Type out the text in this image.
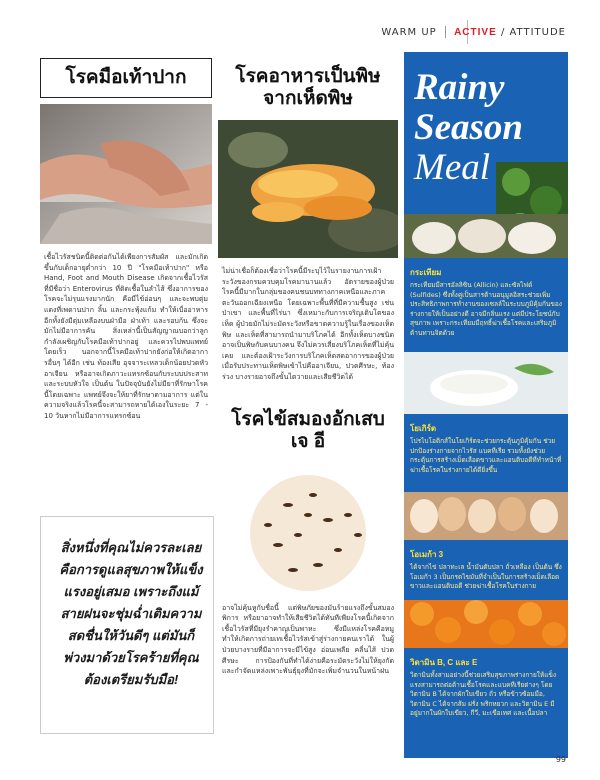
WARM UP ACTIVE / ATTITUDE
โรคมือเท้าปาก
เชื้อไวรัสชนิดนี้ติดต่อกันได้เพียงการสัมผัส และมักเกิดขึ้นกับเด็กอายุต่ำกว่า 10 ปี "โรคมือเท้าปาก" หรือ Hand, Foot and Mouth Disease เกิดจากเชื้อไวรัสที่มีชื่อว่า Enterovirus ที่ติดเชื้อในลำไส้ ซึ่งอาการของโรคจะไม่รุนแรงมากนัก คือมีไข้อ่อนๆ และจะพบตุ่มแดงที่เพดานปาก ลิ้น และกระพุ้งแก้ม ทำให้เบื่ออาหาร อีกทั้งยังมีตุ่มเหลืองบนฝ่ามือ ฝ่าเท้า และรอบก้น ซึ่งจะมักไม่มีอาการคัน สิ่งเหล่านี้เป็นสัญญาณบอกว่าลูกกำลังเผชิญกับโรคมือเท้าปากอยู่ และควรไปพบแพทย์โดยเร็ว นอกจากนี้โรคมือเท้าปากยังก่อให้เกิดอาการอื่นๆ ได้อีก เช่น ท้องเสีย อุจจาระเหลวเด็กน้อยปวดหัว อาเจียน หรืออาจเกิดภาวะแทรกซ้อนกับระบบประสาทและระบบหัวใจ เป็นต้น ในปัจจุบันยังไม่มียาที่รักษาโรคนี้โดยเฉพาะ แพทย์จึงจะให้ยาที่รักษาตามอาการ แต่ในความจริงแล้วโรคนี้จะสามารถหายได้เองในระยะ 7 - 10 วันหากไม่มีอาการแทรกซ้อน
สิ่งหนึ่งที่คุณไม่ควรละเลยคือการดูแลสุขภาพให้แข็งแรงอยู่เสมอ เพราะถึงแม้สายฝนจะชุ่มฉ่ำเติมความสดชื่นให้วันดีๆ แต่มันก็พ่วงมาด้วยโรคร้ายที่คุณต้องเตรียมรับมือ!
โรคอาหารเป็นพิษ จากเห็ดพิษ
ไม่น่าเชื่อก็ต้องเชื่อว่าโรคนี้มีระบุไว้ในรายงานการเฝ้าระวังของกรมควบคุมโรคมานานแล้ว อัตรายของผู้ป่วยโรคนี้มีมากในกลุ่มของคนชนบททางภาคเหนือและภาคตะวันออกเฉียงเหนือ โดยเฉพาะพื้นที่ที่มีความชื้นสูง เช่นป่าเขา และพื้นที่ไร่นา ซึ่งเหมาะกับการเจริญเติบโตของเห็ด ผู้ป่วยมักไม่ระมัดระวังหรือขาดความรู้ในเรื่องของเห็ดพิษ และเห็ดที่สามารถนำมาบริโภคได้ อีกทั้งเห็ดบางชนิดอาจเป็นพิษกับคนบางคน จึงไม่ควรเสี่ยงบริโภคเห็ดที่ไม่คุ้นเคย และต้องเฝ้าระวังการบริโภคเห็ดสดอาการของผู้ป่วยเมื่อรับประทานเห็ดพิษเข้าไปคืออาเจียน, ปวดศีรษะ, ท้องร่วง บางรายอาจถึงขั้นไตวายและเสียชีวิตได้
โรคไข้สมองอักเสบ เจ อี
อาจไม่คุ้นหูกับชื่อนี้ แต่พิษภัยของมันร้ายแรงถึงขั้นสมองพิการ หรือยาอาจทำให้เสียชีวิตได้ทันทีเพียงโรคนี้เกิดจากเชื้อไวรัสที่มียุงรำคาญเป็นพาหะ ซึ่งมีแหล่งโรคคือหมู ทำให้เกิดการถ่ายเทเชื้อไวรัสเข้าสู่ร่างกายคนเราได้ ในผู้ป่วยบางรายที่มีอาการจะมีไข้สูง อ่อนเพลีย คลื่นไส้ ปวดศีรษะ การป้องกันที่ทำได้ง่ายคือระมัดระวังไม่ให้ยุงกัด และกำจัดแหล่งเพาะพันธุ์ยุงที่มักจะเพิ่มจำนวนในหน้าฝน
Rainy
Season
Meal
กระเทียม
กระเทียมมีสารอัลลิซิน (Allicin) และซัลไฟด์ (Sulfides) ซึ่งทั้งคู่เป็นสารต้านอนุมูลอิสระช่วยเพิ่มประสิทธิภาพการทำงานของเซลล์ในระบบภูมิคุ้มกันของร่างกายให้เป็นอย่างดี อาจมีกลิ่นแรง แต่มีประโยชน์กับสุขภาพ เพราะกระเทียมมีฤทธิ์ฆ่าเชื้อโรคและเสริมภูมิต้านทานจิตด้วย
โยเกิร์ต
โปรไบโอติกส์ในโยเกิร์ตจะช่วยกระตุ้นภูมิคุ้มกัน ช่วยปกป้องร่างกายจากไวรัส แบคทีเรีย รวมทั้งยังช่วยกระตุ้นการสร้างเม็ดเลือดขาวและแอนติบอดีที่ทำหน้าที่ฆ่าเชื้อโรคในร่างกายได้ดียิ่งขึ้น
โอเมก้า 3
ได้จากไข่ ปลาทะเล น้ำมันตับปลา ถั่วเหลือง เป็นต้น ซึ่งโอเมก้า 3 เป็นกรดไขมันที่จำเป็นในการสร้างเม็ดเลือดขาวและแอนติบอดี ช่วยฆ่าเชื้อโรคในร่างกาย
วิตามิน B, C และ E
วิตามินทั้งสามอย่างนี้ช่วยเสริมสุขภาพร่างกายให้แข็งแรงสามารถต่อต้านเชื้อโรคและแบคทีเรียต่างๆ โดยวิตามิน B ได้จากผักใบเขียว ถั่ว หรือข้าวซ้อมมือ, วิตามิน C ได้จากส้ม ฝรั่ง พริกหยวก และวิตามิน E มีอยู่มากในผักใบเขียว, กีวี, มะเขือเทศ และเนื้อปลา
99
